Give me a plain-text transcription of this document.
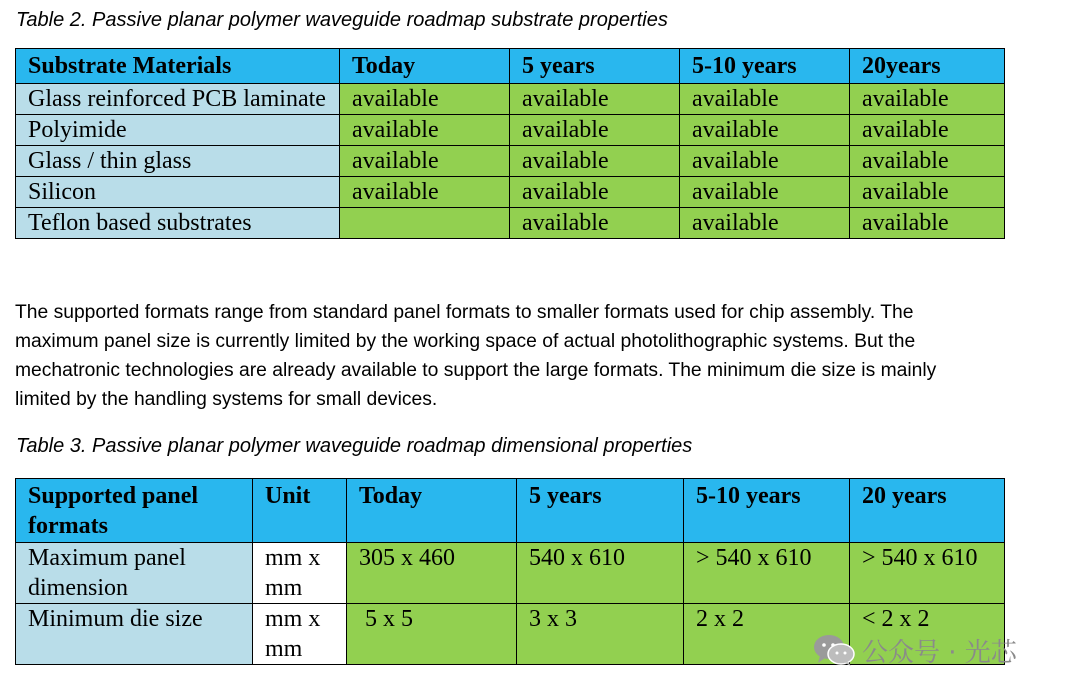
Table 2. Passive planar polymer waveguide roadmap substrate properties
Substrate Materials	Today	5 years	5-10 years	20years
Glass reinforced PCB laminate	available	available	available	available
Polyimide	available	available	available	available
Glass / thin glass	available	available	available	available
Silicon	available	available	available	available
Teflon based substrates		available	available	available

The supported formats range from standard panel formats to smaller formats used for chip assembly. The

maximum panel size is currently limited by the working space of actual photolithographic systems. But the

mechatronic technologies are already available to support the large formats. The minimum die size is mainly

limited by the handling systems for small devices.

Table 3. Passive planar polymer waveguide roadmap dimensional properties
Supported panel formats	Unit	Today	5 years	5-10 years	20 years
Maximum panel dimension	mm x mm	305 x 460	540 x 610	> 540 x 610	> 540 x 610
Minimum die size	mm x mm	5 x 5	3 x 3	2 x 2	< 2 x 2
公众号 · 光芯
